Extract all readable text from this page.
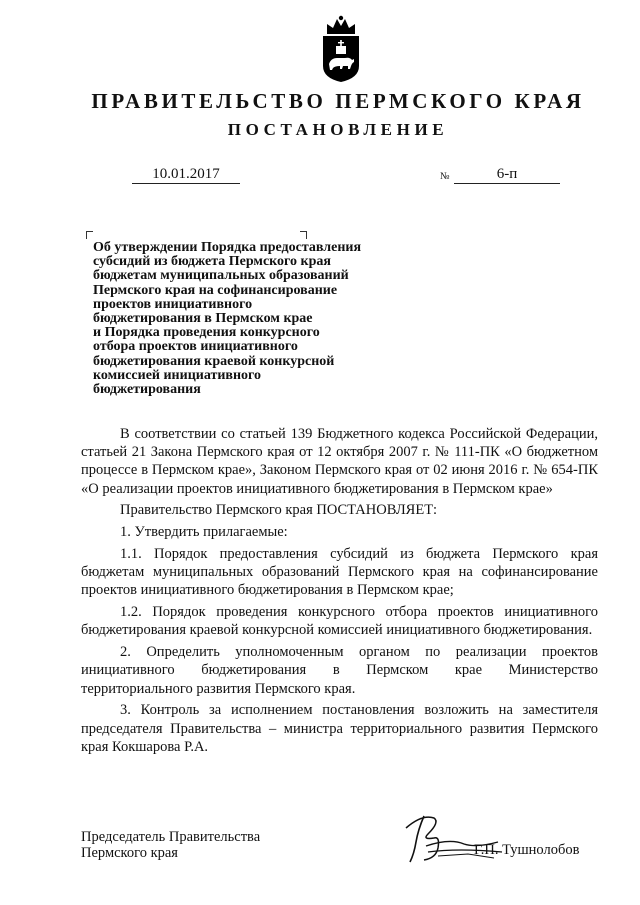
ПРАВИТЕЛЬСТВО ПЕРМСКОГО КРАЯ
ПОСТАНОВЛЕНИЕ
10.01.2017	№	6-п
Об утверждении Порядка предоставления
субсидий из бюджета Пермского края
бюджетам муниципальных образований
Пермского края на софинансирование
проектов инициативного
бюджетирования в Пермском крае
и Порядка проведения конкурсного
отбора проектов инициативного
бюджетирования краевой конкурсной
комиссией инициативного
бюджетирования

В соответствии со статьей 139 Бюджетного кодекса Российской Федерации, статьей 21 Закона Пермского края от 12 октября 2007 г. № 111-ПК «О бюджетном процессе в Пермском крае», Законом Пермского края от 02 июня 2016 г. № 654-ПК «О реализации проектов инициативного бюджетирования в Пермском крае»

Правительство Пермского края ПОСТАНОВЛЯЕТ:

1. Утвердить прилагаемые:

1.1. Порядок предоставления субсидий из бюджета Пермского края бюджетам муниципальных образований Пермского края на софинансирование проектов инициативного бюджетирования в Пермском крае;

1.2. Порядок проведения конкурсного отбора проектов инициативного бюджетирования краевой конкурсной комиссией инициативного бюджетирования.

2. Определить уполномоченным органом по реализации проектов инициативного бюджетирования в Пермском крае Министерство территориального развития Пермского края.

3. Контроль за исполнением постановления возложить на заместителя председателя Правительства – министра территориального развития Пермского края Кокшарова Р.А.

Председатель Правительства
Пермского края	Г.П. Тушнолобов
